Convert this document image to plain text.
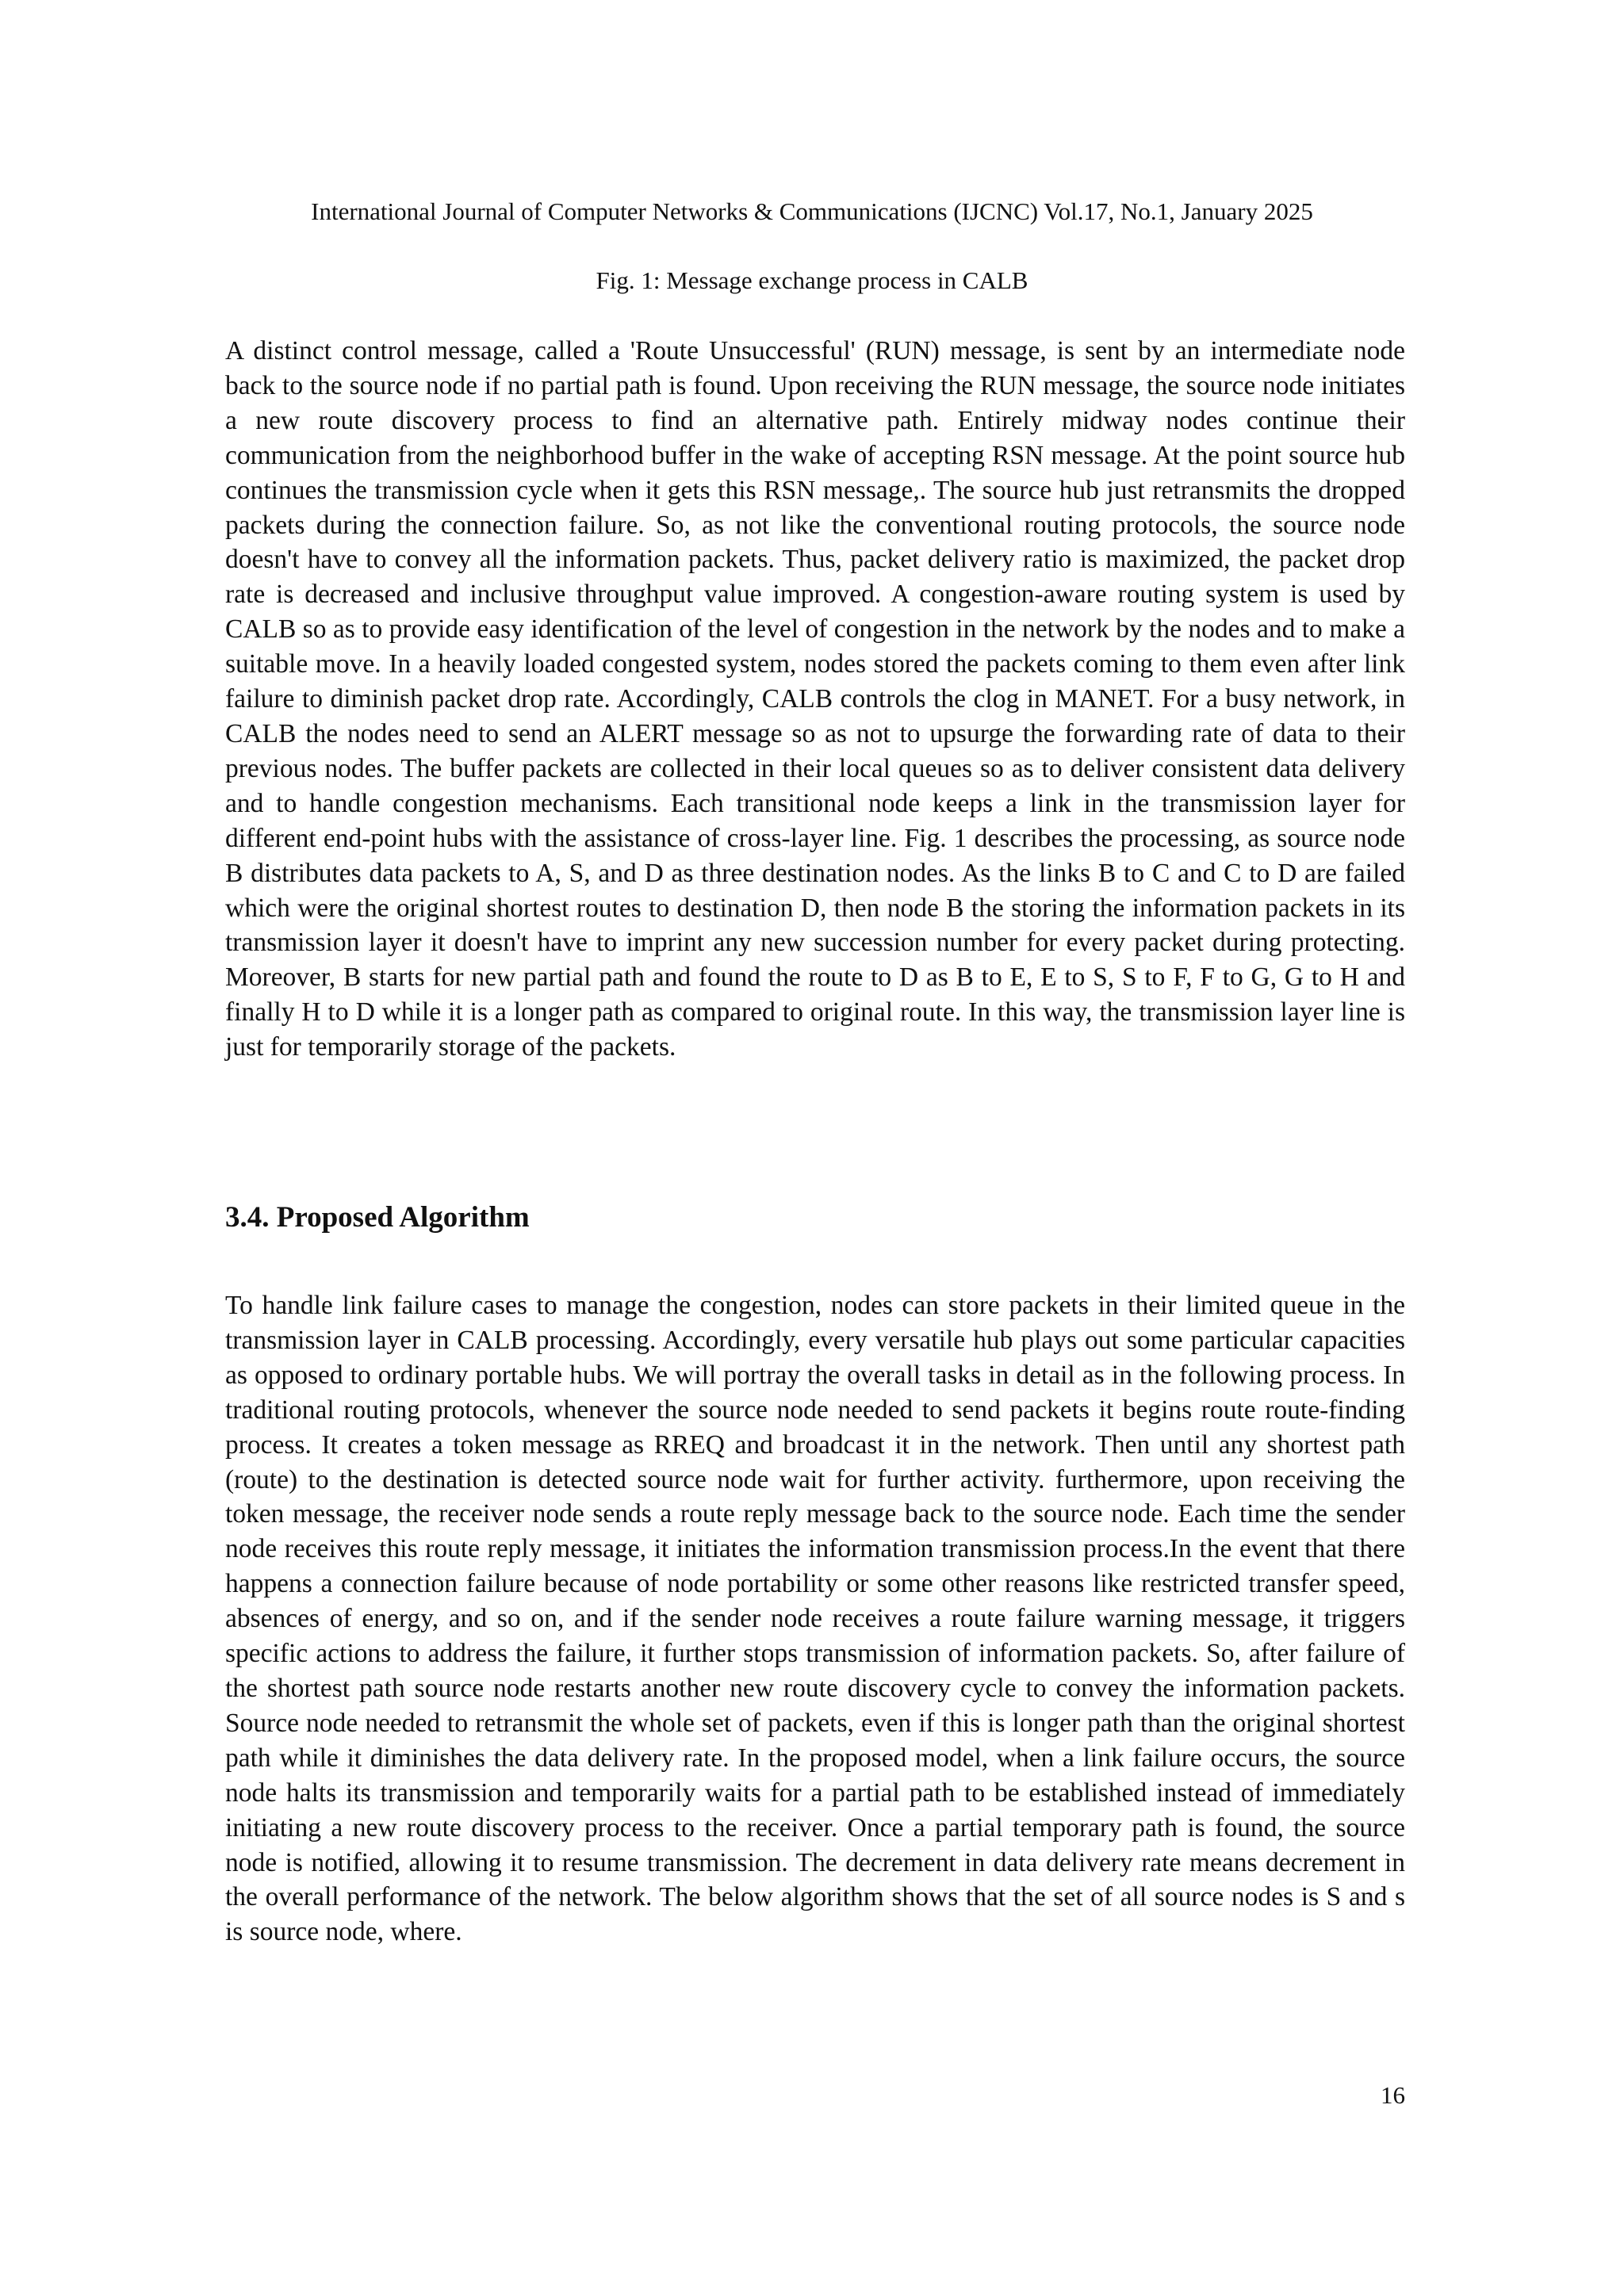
International Journal of Computer Networks & Communications (IJCNC) Vol.17, No.1, January 2025
Fig. 1: Message exchange process in CALB

A distinct control message, called a 'Route Unsuccessful' (RUN) message, is sent by an intermediate node back to the source node if no partial path is found. Upon receiving the RUN message, the source node initiates a new route discovery process to find an alternative path. Entirely midway nodes continue their communication from the neighborhood buffer in the wake of accepting RSN message. At the point source hub continues the transmission cycle when it gets this RSN message,. The source hub just retransmits the dropped packets during the connection failure. So, as not like the conventional routing protocols, the source node doesn't have to convey all the information packets. Thus, packet delivery ratio is maximized, the packet drop rate is decreased and inclusive throughput value improved. A congestion-aware routing system is used by CALB so as to provide easy identification of the level of congestion in the network by the nodes and to make a suitable move. In a heavily loaded congested system, nodes stored the packets coming to them even after link failure to diminish packet drop rate. Accordingly, CALB controls the clog in MANET. For a busy network, in CALB the nodes need to send an ALERT message so as not to upsurge the forwarding rate of data to their previous nodes. The buffer packets are collected in their local queues so as to deliver consistent data delivery and to handle congestion mechanisms. Each transitional node keeps a link in the transmission layer for different end-point hubs with the assistance of cross-layer line. Fig. 1 describes the processing, as source node B distributes data packets to A, S, and D as three destination nodes. As the links B to C and C to D are failed which were the original shortest routes to destination D, then node B the storing the information packets in its transmission layer it doesn't have to imprint any new succession number for every packet during protecting. Moreover, B starts for new partial path and found the route to D as B to E, E to S, S to F, F to G, G to H and finally H to D while it is a longer path as compared to original route. In this way, the transmission layer line is just for temporarily storage of the packets.

3.4. Proposed Algorithm

To handle link failure cases to manage the congestion, nodes can store packets in their limited queue in the transmission layer in CALB processing. Accordingly, every versatile hub plays out some particular capacities as opposed to ordinary portable hubs. We will portray the overall tasks in detail as in the following process. In traditional routing protocols, whenever the source node needed to send packets it begins route route-finding process. It creates a token message as RREQ and broadcast it in the network. Then until any shortest path (route) to the destination is detected source node wait for further activity. furthermore, upon receiving the token message, the receiver node sends a route reply message back to the source node. Each time the sender node receives this route reply message, it initiates the information transmission process.In the event that there happens a connection failure because of node portability or some other reasons like restricted transfer speed, absences of energy, and so on, and if the sender node receives a route failure warning message, it triggers specific actions to address the failure, it further stops transmission of information packets. So, after failure of the shortest path source node restarts another new route discovery cycle to convey the information packets. Source node needed to retransmit the whole set of packets, even if this is longer path than the original shortest path while it diminishes the data delivery rate. In the proposed model, when a link failure occurs, the source node halts its transmission and temporarily waits for a partial path to be established instead of immediately initiating a new route discovery process to the receiver. Once a partial temporary path is found, the source node is notified, allowing it to resume transmission. The decrement in data delivery rate means decrement in the overall performance of the network. The below algorithm shows that the set of all source nodes is S and s is source node, where.

16
